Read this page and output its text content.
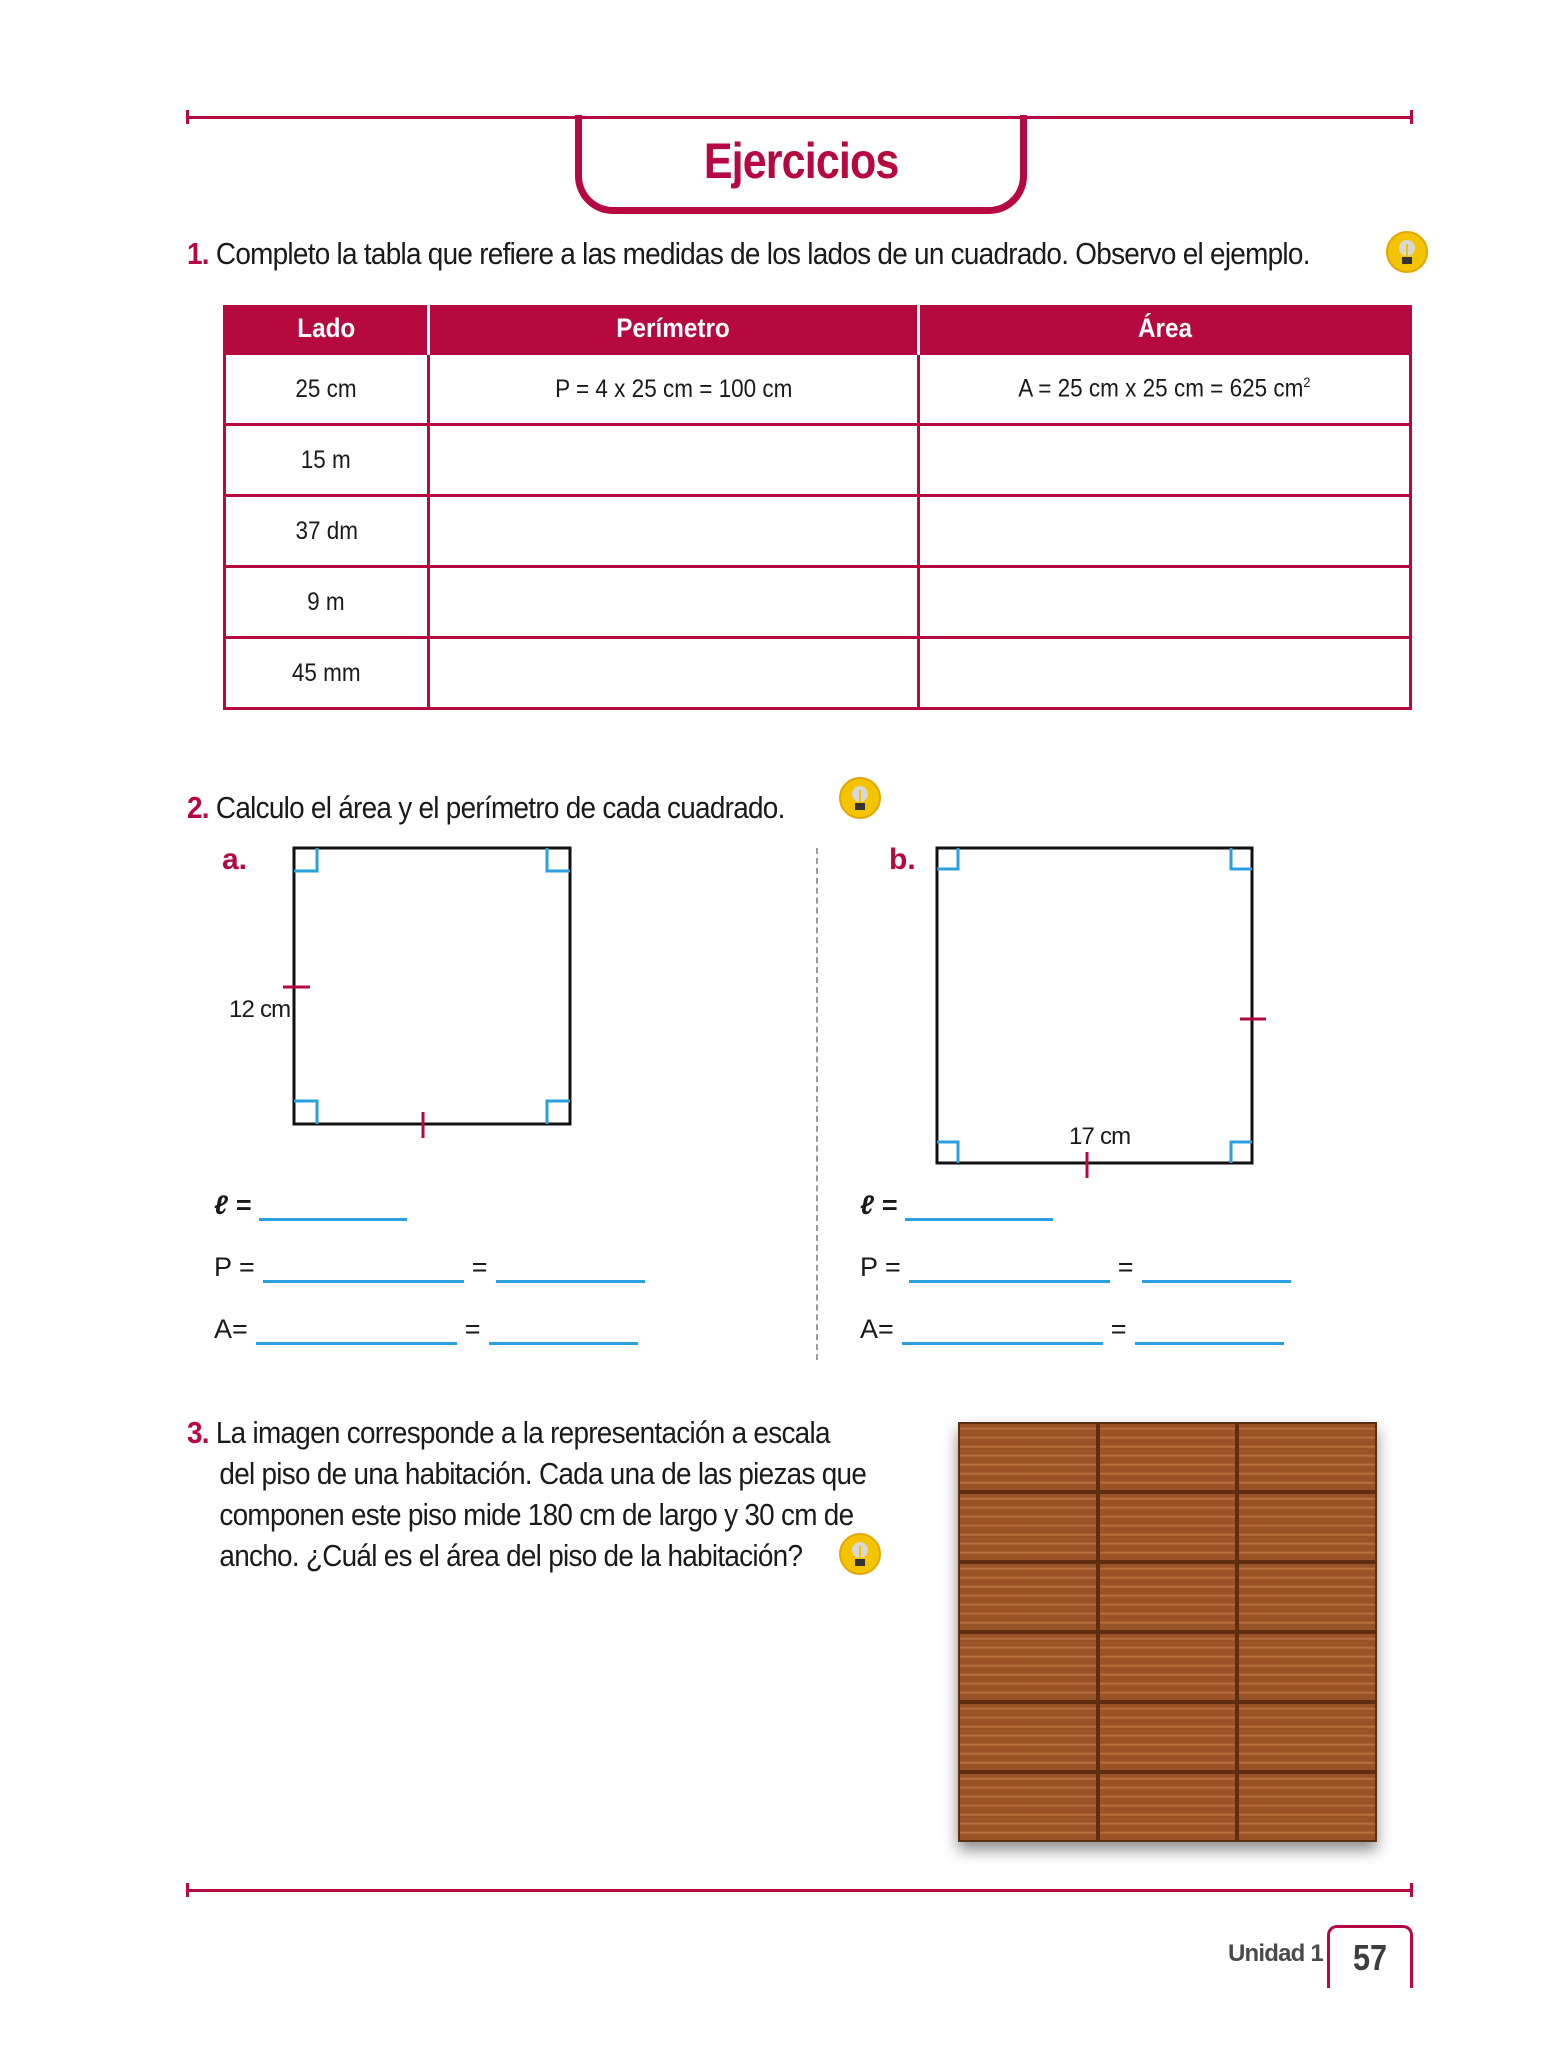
Ejercicios
1. Completo la tabla que refiere a las medidas de los lados de un cuadrado. Observo el ejemplo.
Lado	Perímetro	Área
25 cm	P = 4 x 25 cm = 100 cm	A = 25 cm x 25 cm = 625 $cm^2$
15 m		
37 dm		
9 m		
45 mm		
2. Calculo el área y el perímetro de cada cuadrado.
a.
12 cm
ℓ =
P =	=
A=	=
b.
17 cm
ℓ =
P =	=
A=	=
3. La imagen corresponde a la representación a escala
del piso de una habitación. Cada una de las piezas que
componen este piso mide 180 cm de largo y 30 cm de
ancho. ¿Cuál es el área del piso de la habitación?
Unidad 1 57
